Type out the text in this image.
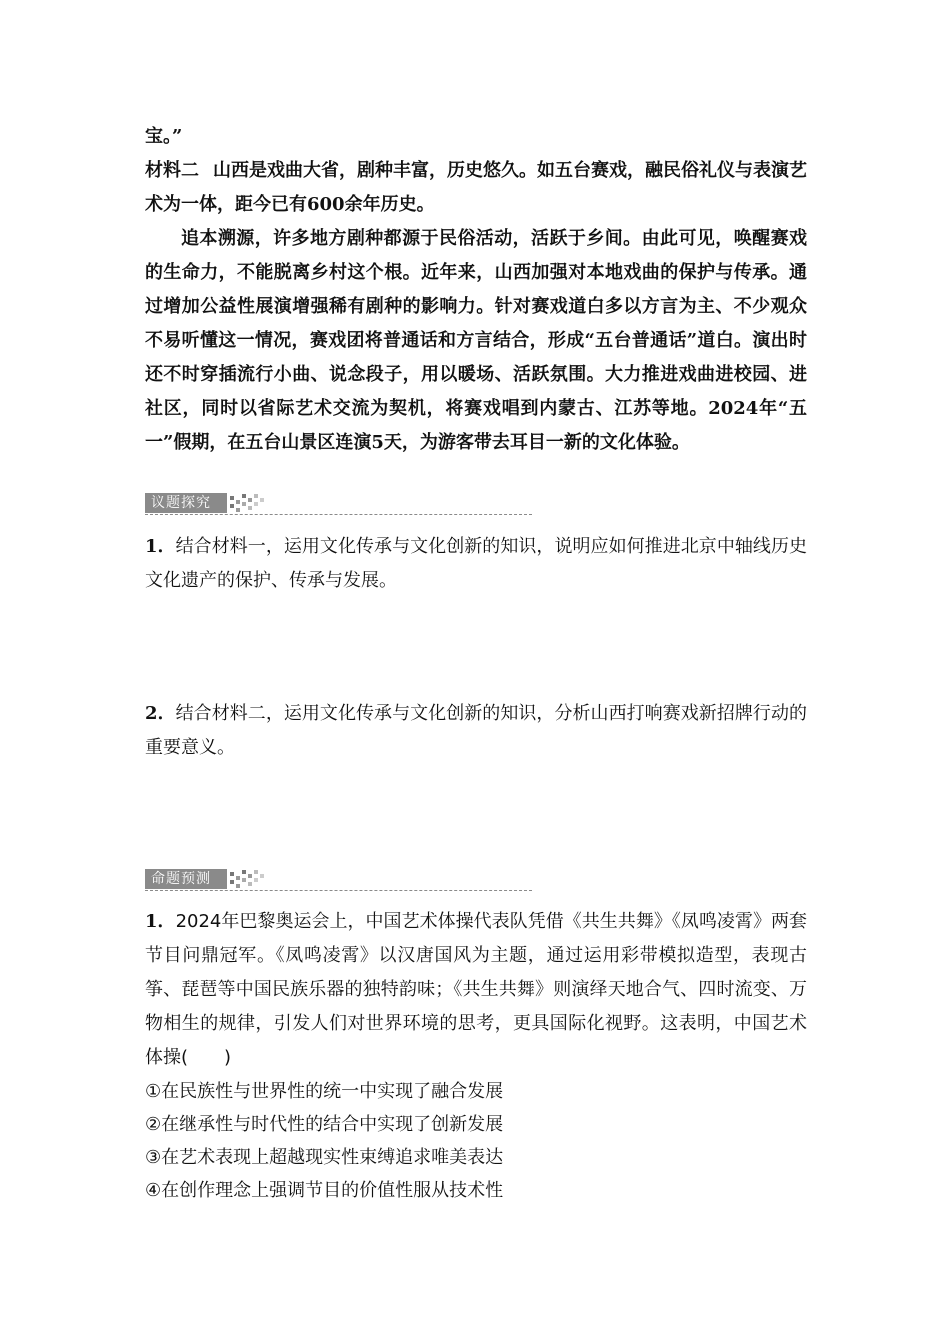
宝。”

材料二 山西是戏曲大省，剧种丰富，历史悠久。如五台赛戏，融民俗礼仪与表演艺术为一体，距今已有600余年历史。

追本溯源，许多地方剧种都源于民俗活动，活跃于乡间。由此可见，唤醒赛戏的生命力，不能脱离乡村这个根。近年来，山西加强对本地戏曲的保护与传承。通过增加公益性展演增强稀有剧种的影响力。针对赛戏道白多以方言为主、不少观众不易听懂这一情况，赛戏团将普通话和方言结合，形成“五台普通话”道白。演出时还不时穿插流行小曲、说念段子，用以暖场、活跃氛围。大力推进戏曲进校园、进社区，同时以省际艺术交流为契机，将赛戏唱到内蒙古、江苏等地。2024年“五一”假期，在五台山景区连演5天，为游客带去耳目一新的文化体验。

议题探究

1．结合材料一，运用文化传承与文化创新的知识，说明应如何推进北京中轴线历史文化遗产的保护、传承与发展。

2．结合材料二，运用文化传承与文化创新的知识，分析山西打响赛戏新招牌行动的重要意义。

命题预测

1．2024年巴黎奥运会上，中国艺术体操代表队凭借《共生共舞》《凤鸣凌霄》两套节目问鼎冠军。《凤鸣凌霄》以汉唐国风为主题，通过运用彩带模拟造型，表现古筝、琵琶等中国民族乐器的独特韵味；《共生共舞》则演绎天地合气、四时流变、万物相生的规律，引发人们对世界环境的思考，更具国际化视野。这表明，中国艺术体操(　　)

①在民族性与世界性的统一中实现了融合发展

②在继承性与时代性的结合中实现了创新发展

③在艺术表现上超越现实性束缚追求唯美表达

④在创作理念上强调节目的价值性服从技术性
